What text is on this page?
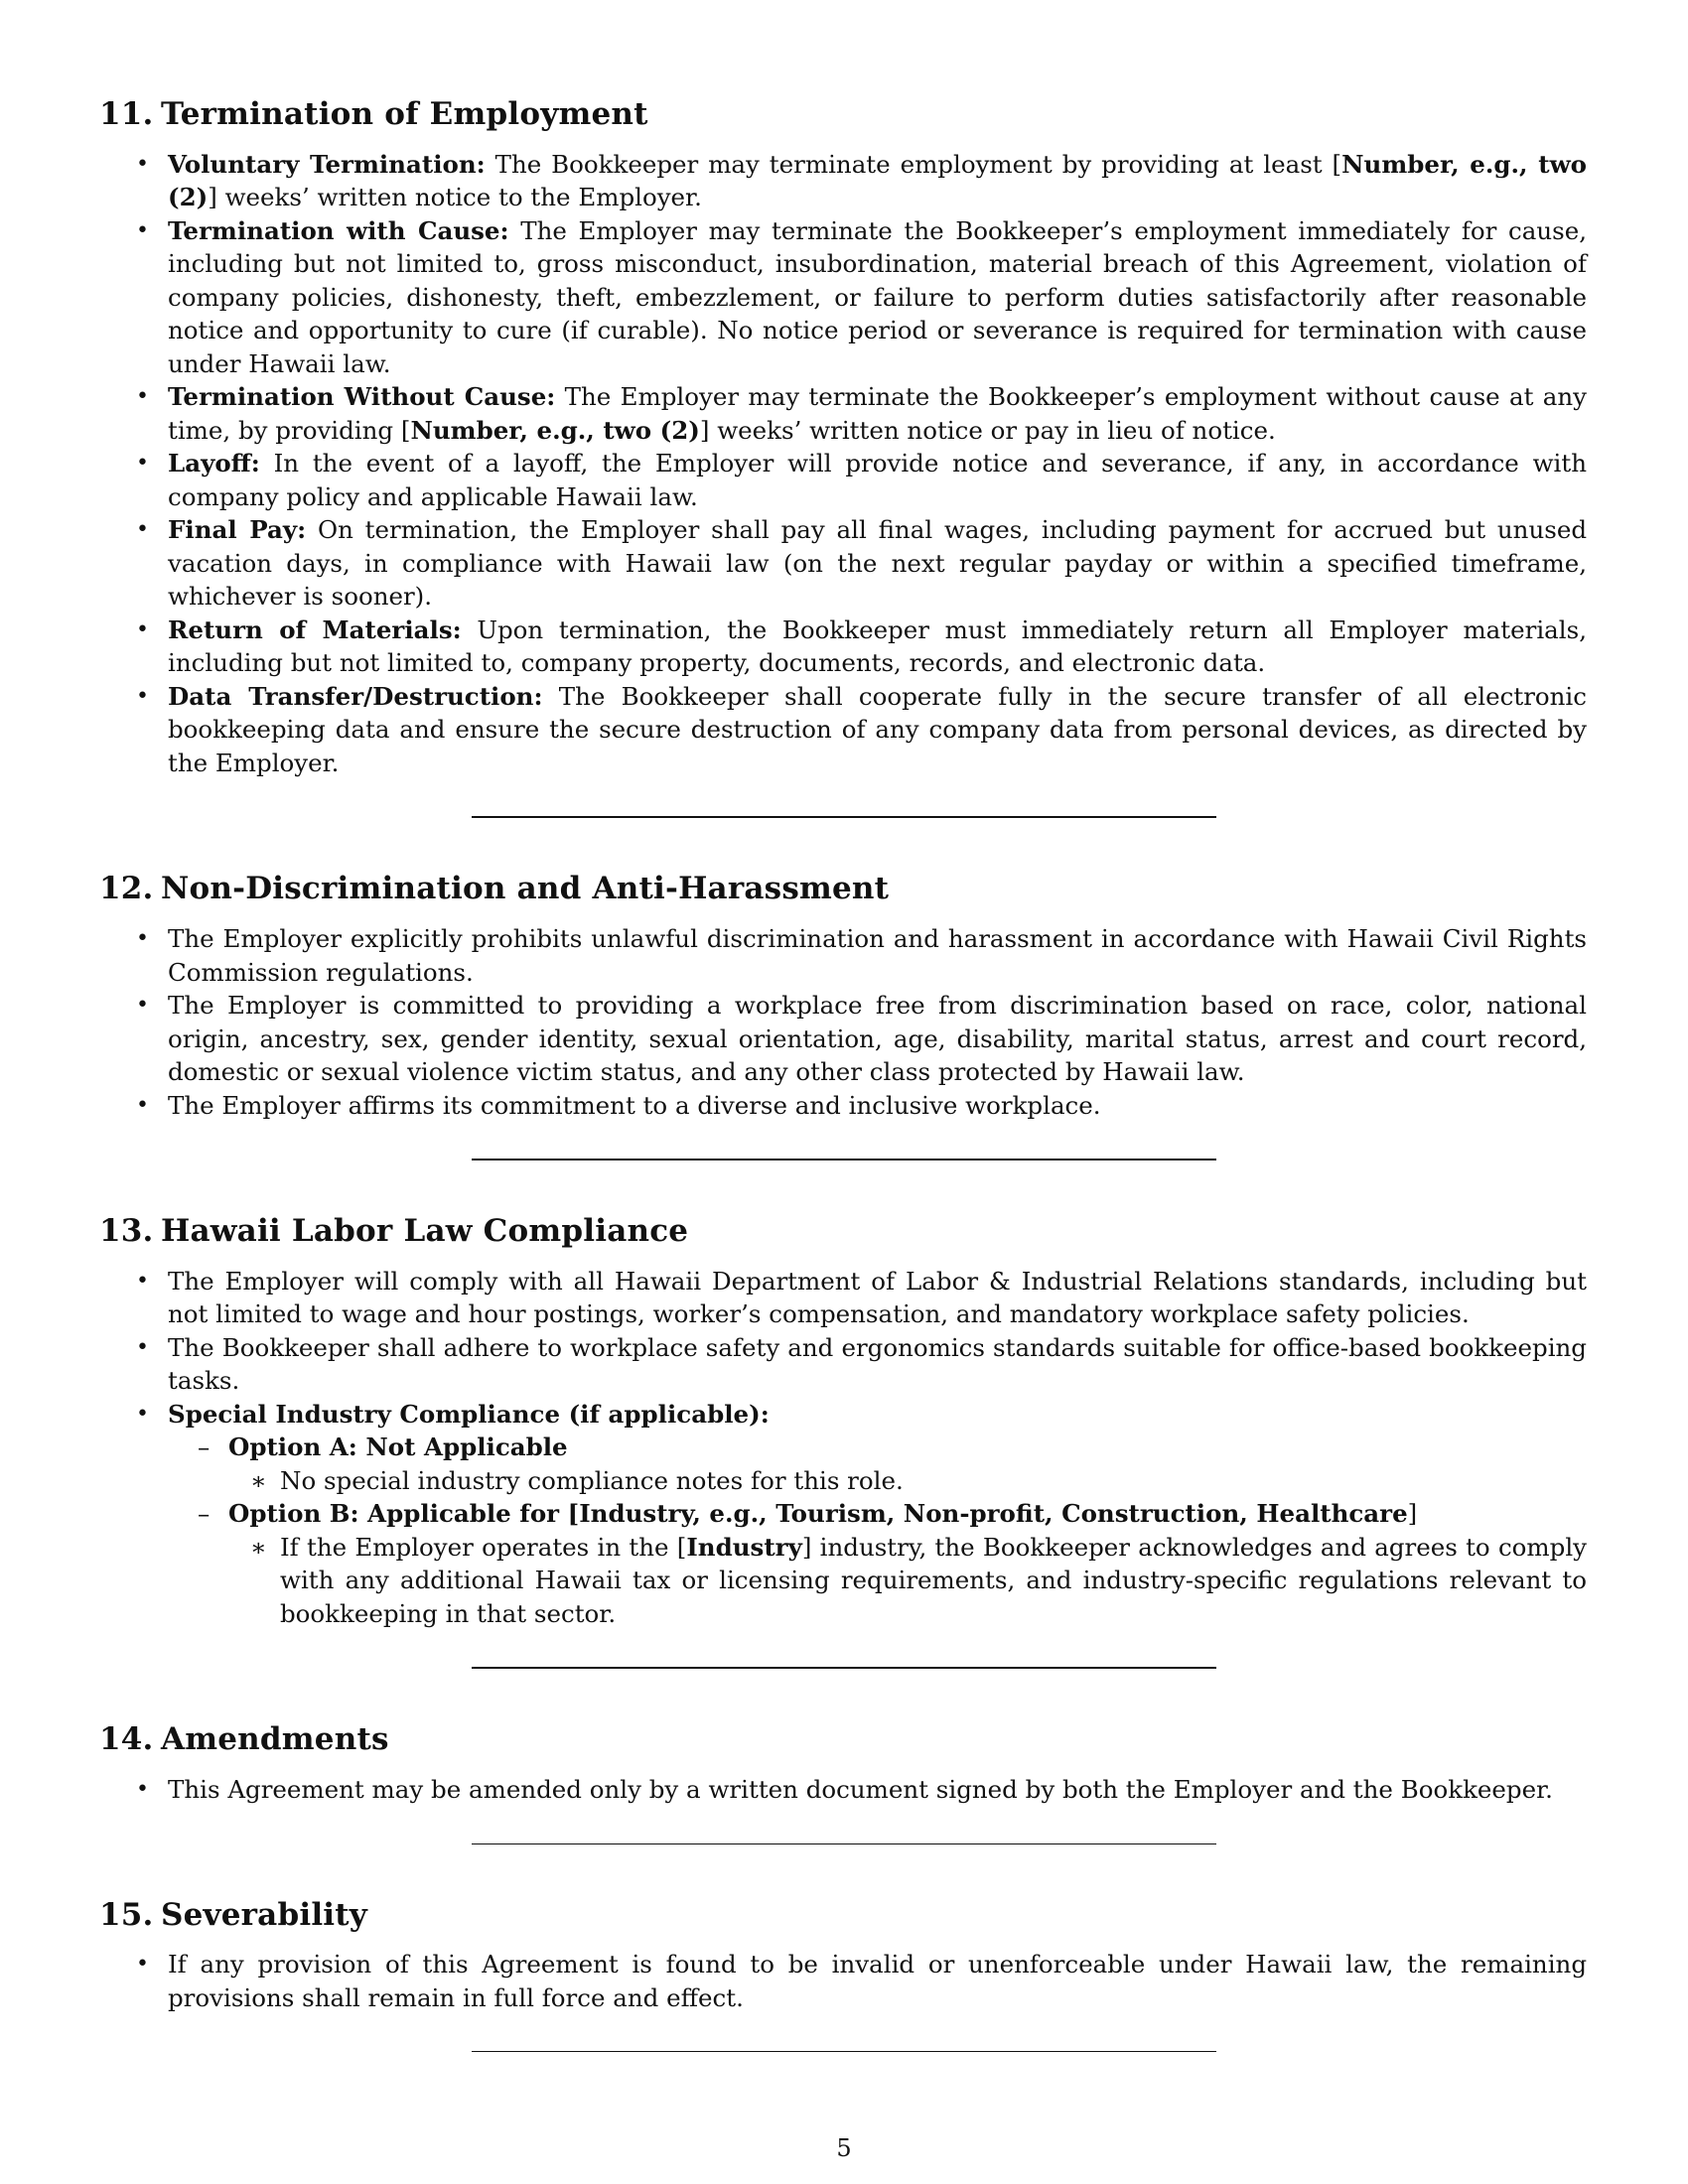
11. Termination of Employment
• Voluntary Termination: The Bookkeeper may terminate employment by providing at least [Number, e.g., two (2)] weeks’ written notice to the Employer.
• Termination with Cause: The Employer may terminate the Bookkeeper’s employment immediately for cause, including but not limited to, gross misconduct, insubordination, material breach of this Agreement, violation of company policies, dishonesty, theft, embezzlement, or failure to perform duties satisfactorily after reasonable notice and opportunity to cure (if curable). No notice period or severance is required for termination with cause under Hawaii law.
• Termination Without Cause: The Employer may terminate the Bookkeeper’s employment without cause at any time, by providing [Number, e.g., two (2)] weeks’ written notice or pay in lieu of notice.
• Layoff: In the event of a layoff, the Employer will provide notice and severance, if any, in accordance with company policy and applicable Hawaii law.
• Final Pay: On termination, the Employer shall pay all final wages, including payment for accrued but unused vacation days, in compliance with Hawaii law (on the next regular payday or within a specified timeframe, whichever is sooner).
• Return of Materials: Upon termination, the Bookkeeper must immediately return all Employer materials, including but not limited to, company property, documents, records, and electronic data.
• Data Transfer/Destruction: The Bookkeeper shall cooperate fully in the secure transfer of all electronic bookkeeping data and ensure the secure destruction of any company data from personal devices, as directed by the Employer.
12. Non-Discrimination and Anti-Harassment
• The Employer explicitly prohibits unlawful discrimination and harassment in accordance with Hawaii Civil Rights Commission regulations.
• The Employer is committed to providing a workplace free from discrimination based on race, color, national origin, ancestry, sex, gender identity, sexual orientation, age, disability, marital status, arrest and court record, domestic or sexual violence victim status, and any other class protected by Hawaii law.
• The Employer affirms its commitment to a diverse and inclusive workplace.
13. Hawaii Labor Law Compliance
• The Employer will comply with all Hawaii Department of Labor & Industrial Relations standards, including but not limited to wage and hour postings, worker’s compensation, and mandatory workplace safety policies.
• The Bookkeeper shall adhere to workplace safety and ergonomics standards suitable for office-based bookkeeping tasks.
• Special Industry Compliance (if applicable):
– Option A: Not Applicable
∗ No special industry compliance notes for this role.
– Option B: Applicable for [Industry, e.g., Tourism, Non-profit, Construction, Healthcare]
∗ If the Employer operates in the [Industry] industry, the Bookkeeper acknowledges and agrees to comply with any additional Hawaii tax or licensing requirements, and industry-specific regulations relevant to bookkeeping in that sector.
14. Amendments
• This Agreement may be amended only by a written document signed by both the Employer and the Bookkeeper.
15. Severability
• If any provision of this Agreement is found to be invalid or unenforceable under Hawaii law, the remaining provisions shall remain in full force and effect.
5
